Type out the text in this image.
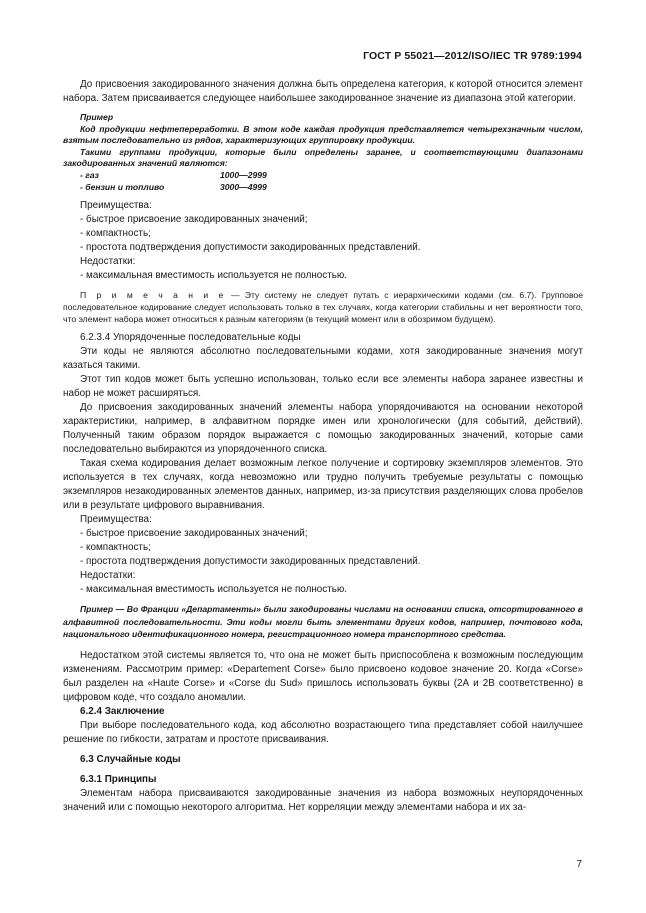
ГОСТ Р 55021—2012/ISO/IEC TR 9789:1994

До присвоения закодированного значения должна быть определена категория, к которой относится элемент набора. Затем присваивается следующее наибольшее закодированное значение из диапазона этой категории.

Пример

Код продукции нефтепереработки. В этом коде каждая продукция представляется четырехзначным числом, взятым последовательно из рядов, характеризующих группировку продукции.

Такими группами продукции, которые были определены заранее, и соответствующими диапазонами закодированных значений являются:

- газ	1000—2999
- бензин и топливо	3000—4999

Преимущества:

- быстрое присвоение закодированных значений;

- компактность;

- простота подтверждения допустимости закодированных представлений.

Недостатки:

- максимальная вместимость используется не полностью.

П р и м е ч а н и е — Эту систему не следует путать с иерархическими кодами (см. 6.7). Групповое последовательное кодирование следует использовать только в тех случаях, когда категории стабильны и нет вероятности того, что элемент набора может относиться к разным категориям (в текущий момент или в обозримом будущем).

6.2.3.4 Упорядоченные последовательные коды

Эти коды не являются абсолютно последовательными кодами, хотя закодированные значения могут казаться такими.

Этот тип кодов может быть успешно использован, только если все элементы набора заранее известны и набор не может расширяться.

До присвоения закодированных значений элементы набора упорядочиваются на основании некоторой характеристики, например, в алфавитном порядке имен или хронологически (для событий, действий). Полученный таким образом порядок выражается с помощью закодированных значений, которые сами последовательно выбираются из упорядоченного списка.

Такая схема кодирования делает возможным легкое получение и сортировку экземпляров элементов. Это используется в тех случаях, когда невозможно или трудно получить требуемые результаты с помощью экземпляров незакодированных элементов данных, например, из-за присутствия разделяющих слова пробелов или в результате цифрового выравнивания.

Преимущества:

- быстрое присвоение закодированных значений;

- компактность;

- простота подтверждения допустимости закодированных представлений.

Недостатки:

- максимальная вместимость используется не полностью.

Пример — Во Франции «Департаменты» были закодированы числами на основании списка, отсортированного в алфавитной последовательности. Эти коды могли быть элементами других кодов, например, почтового кода, национального идентификационного номера, регистрационного номера транспортного средства.

Недостатком этой системы является то, что она не может быть приспособлена к возможным последующим изменениям. Рассмотрим пример: «Departement Corse» было присвоено кодовое значение 20. Когда «Corse» был разделен на «Haute Corse» и «Corse du Sud» пришлось использовать буквы (2А и 2В соответственно) в цифровом коде, что создало аномалии.

6.2.4 Заключение

При выборе последовательного кода, код абсолютно возрастающего типа представляет собой наилучшее решение по гибкости, затратам и простоте присваивания.

6.3 Случайные коды

6.3.1 Принципы

Элементам набора присваиваются закодированные значения из набора возможных неупорядоченных значений или с помощью некоторого алгоритма. Нет корреляции между элементами набора и их за-

7
